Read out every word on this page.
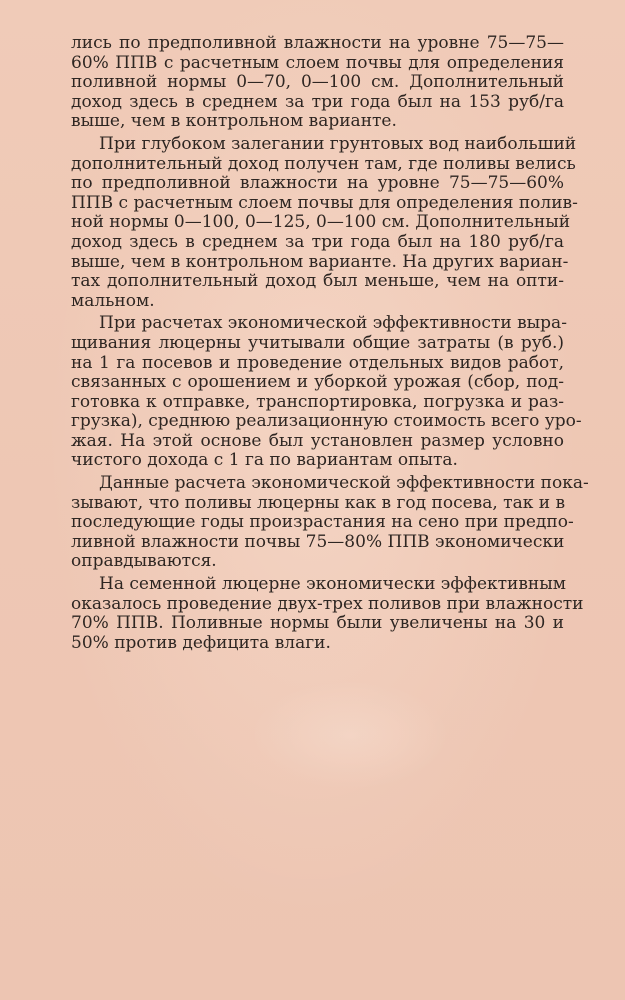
лись по предполивной влажности на уровне 75—75—
60% ППВ с расчетным слоем почвы для определения
поливной нормы 0—70, 0—100 см. Дополнительный
доход здесь в среднем за три года был на 153 руб/га
выше, чем в контрольном варианте.

При глубоком залегании грунтовых вод наибольший
дополнительный доход получен там, где поливы велись
по предполивной влажности на уровне 75—75—60%
ППВ с расчетным слоем почвы для определения полив-
ной нормы 0—100, 0—125, 0—100 см. Дополнительный
доход здесь в среднем за три года был на 180 руб/га
выше, чем в контрольном варианте. На других вариан-
тах дополнительный доход был меньше, чем на опти-
мальном.

При расчетах экономической эффективности выра-
щивания люцерны учитывали общие затраты (в руб.)
на 1 га посевов и проведение отдельных видов работ,
связанных с орошением и уборкой урожая (сбор, под-
готовка к отправке, транспортировка, погрузка и раз-
грузка), среднюю реализационную стоимость всего уро-
жая. На этой основе был установлен размер условно
чистого дохода с 1 га по вариантам опыта.

Данные расчета экономической эффективности пока-
зывают, что поливы люцерны как в год посева, так и в
последующие годы произрастания на сено при предпо-
ливной влажности почвы 75—80% ППВ экономически
оправдываются.

На семенной люцерне экономически эффективным
оказалось проведение двух-трех поливов при влажности
70% ППВ. Поливные нормы были увеличены на 30 и
50% против дефицита влаги.
